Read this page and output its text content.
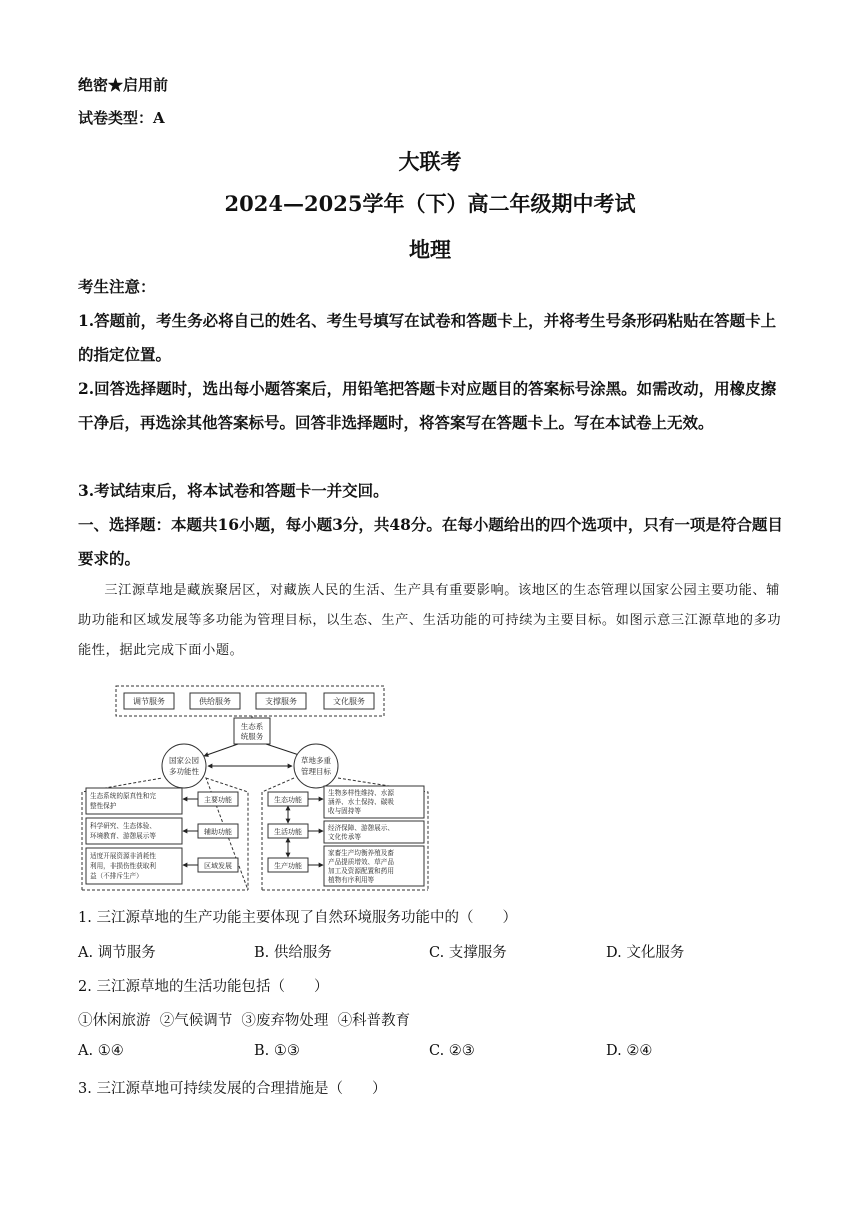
绝密★启用前
试卷类型：A
大联考
2024—2025学年（下）高二年级期中考试
地理
考生注意：
1.答题前，考生务必将自己的姓名、考生号填写在试卷和答题卡上，并将考生号条形码粘贴在答题卡上的指定位置。
2.回答选择题时，选出每小题答案后，用铅笔把答题卡对应题目的答案标号涂黑。如需改动，用橡皮擦干净后，再选涂其他答案标号。回答非选择题时，将答案写在答题卡上。写在本试卷上无效。
3.考试结束后，将本试卷和答题卡一并交回。
一、选择题：本题共16小题，每小题3分，共48分。在每小题给出的四个选项中，只有一项是符合题目要求的。
三江源草地是藏族聚居区，对藏族人民的生活、生产具有重要影响。该地区的生态管理以国家公园主要功能、辅助功能和区域发展等多功能为管理目标，以生态、生产、生活功能的可持续为主要目标。如图示意三江源草地的多功能性，据此完成下面小题。
调节服务	供给服务	支撑服务	文化服务
生态系
统服务
国家公园
多功能性
草地多重
管理目标
生态系统的原真性和完
整性保护
科学研究、生态体验、
环境教育、游憩展示等
适度开展资源非消耗性
利用，非损伤性获取利
益（不排斥生产）
主要功能
辅助功能
区域发展
生态功能
生活功能
生产功能
生物多样性维持、水源
涵养、水土保持、碳吸
收与固持等
经济保障、游憩展示、
文化传承等
家畜生产均衡养殖及畜
产品提质增效、草产品
加工及资源配置和药用
植物有序利用等
1. 三江源草地的生产功能主要体现了自然环境服务功能中的（　　）
A. 调节服务	B. 供给服务	C. 支撑服务	D. 文化服务
2. 三江源草地的生活功能包括（　　）
①休闲旅游  ②气候调节  ③废弃物处理  ④科普教育
A. ①④	B. ①③	C. ②③	D. ②④
3. 三江源草地可持续发展的合理措施是（　　）
